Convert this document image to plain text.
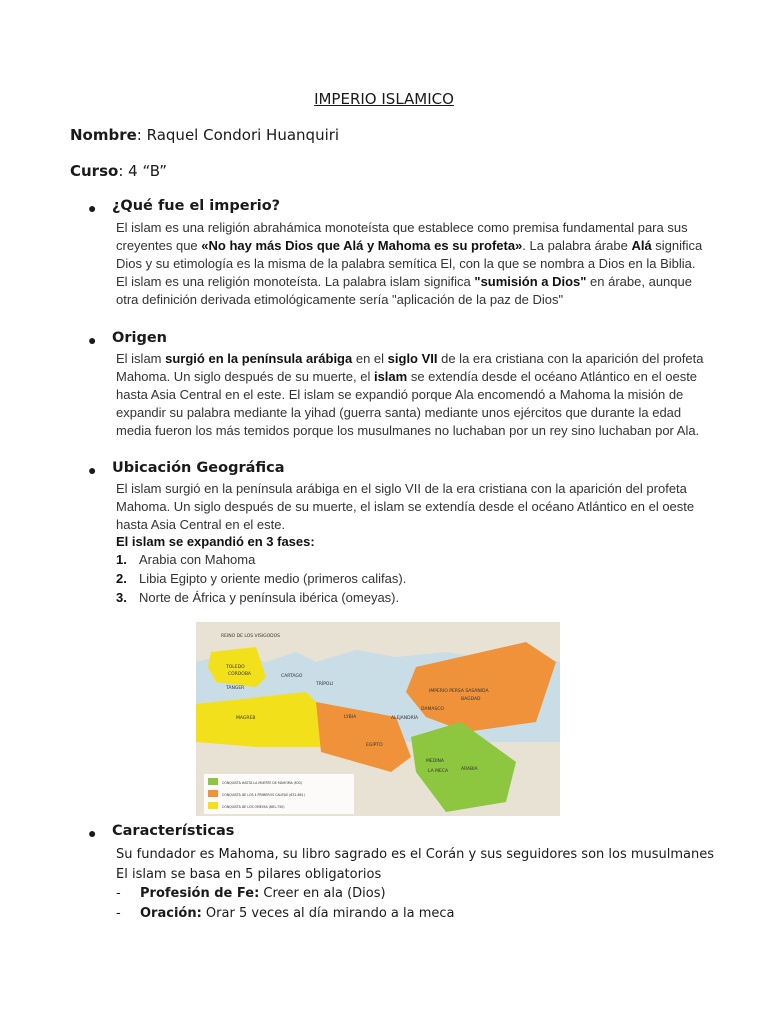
IMPERIO ISLAMICO
Nombre: Raquel Condori Huanquiri
Curso: 4 “B”
● ¿Qué fue el imperio?
El islam es una religión abrahámica monoteísta que establece como premisa fundamental para sus creyentes que «No hay más Dios que Alá y Mahoma es su profeta». La palabra árabe Alá significa Dios y su etimología es la misma de la palabra semítica El, con la que se nombra a Dios en la Biblia. El islam es una religión monoteísta. La palabra islam significa "sumisión a Dios" en árabe, aunque otra definición derivada etimológicamente sería "aplicación de la paz de Dios"
● Origen
El islam surgió en la península arábiga en el siglo VII de la era cristiana con la aparición del profeta Mahoma. Un siglo después de su muerte, el islam se extendía desde el océano Atlántico en el oeste hasta Asia Central en el este. El islam se expandió porque Ala encomendó a Mahoma la misión de expandir su palabra mediante la yihad (guerra santa) mediante unos ejércitos que durante la edad media fueron los más temidos porque los musulmanes no luchaban por un rey sino luchaban por Ala.
● Ubicación Geográfica
El islam surgió en la península arábiga en el siglo VII de la era cristiana con la aparición del profeta Mahoma. Un siglo después de su muerte, el islam se extendía desde el océano Atlántico en el oeste hasta Asia Central en el este.
El islam se expandió en 3 fases:
1. Arabia con Mahoma
2. Libia Egipto y oriente medio (primeros califas).
3. Norte de África y península ibérica (omeyas).
REINO DE LOS VISIGODOS
TOLEDO
CÓRDOBA
TÁNGER
CARTAGO
TRÍPOLI
MAGREB	LYBIA	ALEJANDRÍA
EGIPTO
IMPERIO PERSA SASÁNIDA
DAMASCO
BAGDAD
MEDINA
LA MECA	ARABIA
CONQUISTA HASTA LA MUERTE DE MAHOMA (632)
CONQUISTA DE LOS 4 PRIMEROS CALIFAS (632-661)
CONQUISTA DE LOS OMEYAS (661-750)
● Características
Su fundador es Mahoma, su libro sagrado es el Corán y sus seguidores son los musulmanes
El islam se basa en 5 pilares obligatorios
- Profesión de Fe: Creer en ala (Dios)
- Oración: Orar 5 veces al día mirando a la meca
